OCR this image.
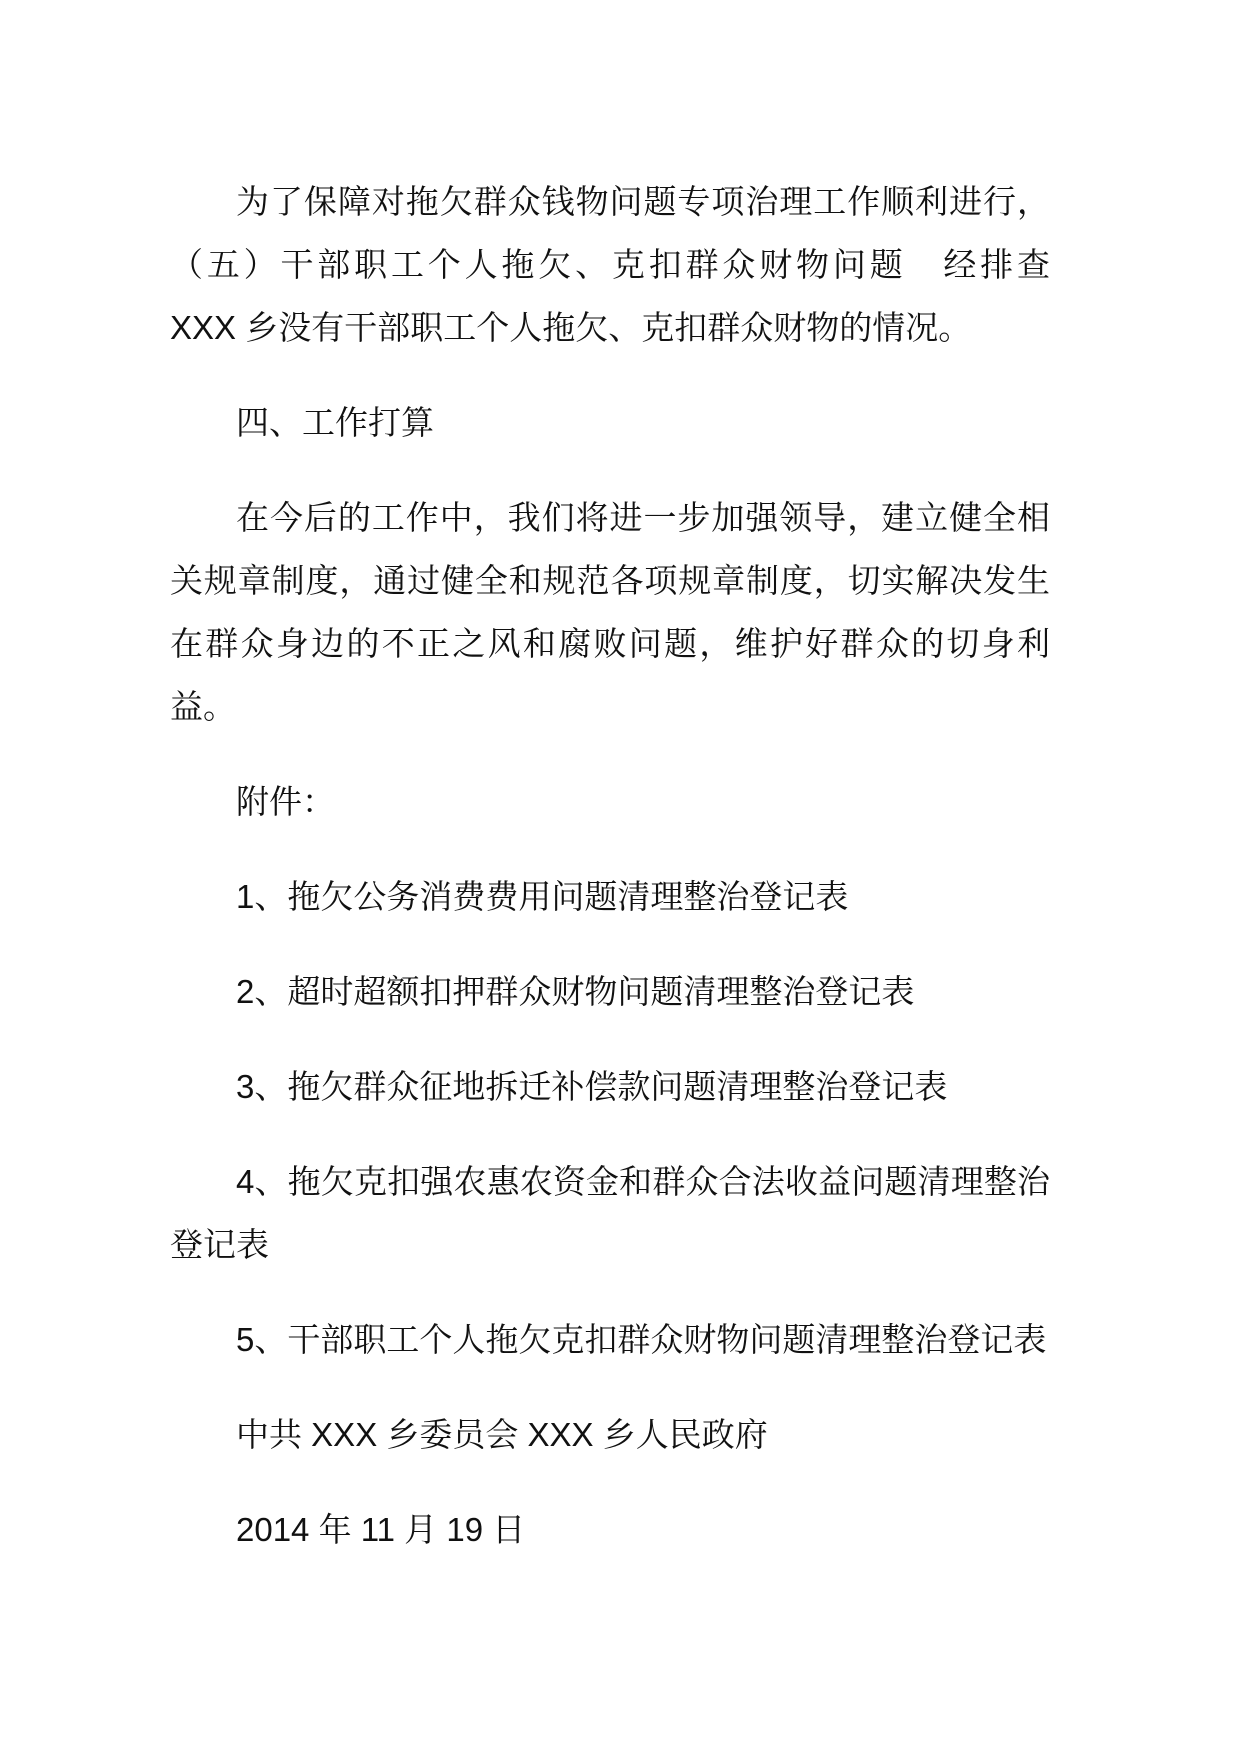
为了保障对拖欠群众钱物问题专项治理工作顺利进行，（五）干部职工个人拖欠、克扣群众财物问题　经排查　XXX 乡没有干部职工个人拖欠、克扣群众财物的情况。

四、工作打算

在今后的工作中，我们将进一步加强领导，建立健全相关规章制度，通过健全和规范各项规章制度，切实解决发生在群众身边的不正之风和腐败问题，维护好群众的切身利益。

附件：

1、拖欠公务消费费用问题清理整治登记表

2、超时超额扣押群众财物问题清理整治登记表

3、拖欠群众征地拆迁补偿款问题清理整治登记表

4、拖欠克扣强农惠农资金和群众合法收益问题清理整治登记表

5、干部职工个人拖欠克扣群众财物问题清理整治登记表

中共 XXX 乡委员会 XXX 乡人民政府

2014 年 11 月 19 日
